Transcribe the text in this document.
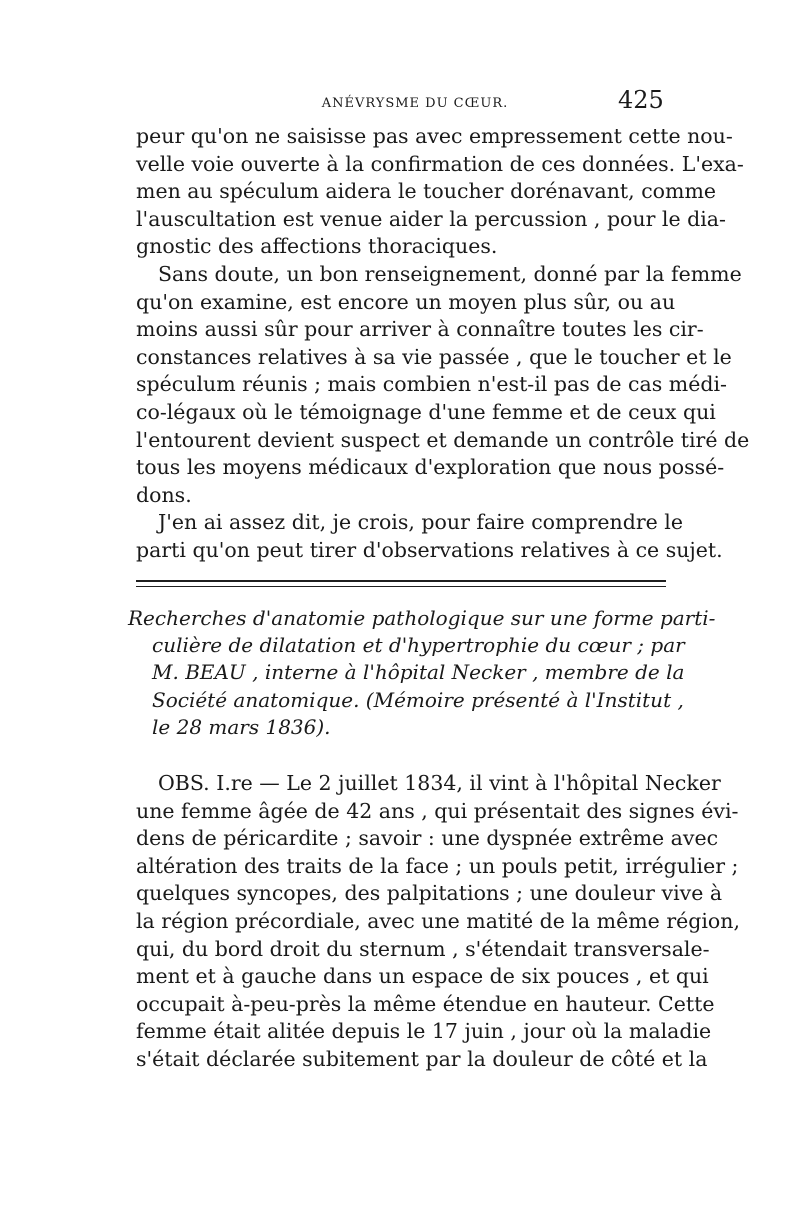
ANÉVRYSME DU CŒUR.	425
peur qu'on ne saisisse pas avec empressement cette nou-
velle voie ouverte à la confirmation de ces données. L'exa-
men au spéculum aidera le toucher dorénavant, comme
l'auscultation est venue aider la percussion , pour le dia-
gnostic des affections thoraciques.
Sans doute, un bon renseignement, donné par la femme
qu'on examine, est encore un moyen plus sûr, ou au
moins aussi sûr pour arriver à connaître toutes les cir-
constances relatives à sa vie passée , que le toucher et le
spéculum réunis ; mais combien n'est-il pas de cas médi-
co-légaux où le témoignage d'une femme et de ceux qui
l'entourent devient suspect et demande un contrôle tiré de
tous les moyens médicaux d'exploration que nous possé-
dons.
J'en ai assez dit, je crois, pour faire comprendre le
parti qu'on peut tirer d'observations relatives à ce sujet.
Recherches d'anatomie pathologique sur une forme parti-
culière de dilatation et d'hypertrophie du cœur ; par
M. BEAU , interne à l'hôpital Necker , membre de la
Société anatomique. (Mémoire présenté à l'Institut ,
le 28 mars 1836).
OBS. I.re — Le 2 juillet 1834, il vint à l'hôpital Necker
une femme âgée de 42 ans , qui présentait des signes évi-
dens de péricardite ; savoir : une dyspnée extrême avec
altération des traits de la face ; un pouls petit, irrégulier ;
quelques syncopes, des palpitations ; une douleur vive à
la région précordiale, avec une matité de la même région,
qui, du bord droit du sternum , s'étendait transversale-
ment et à gauche dans un espace de six pouces , et qui
occupait à-peu-près la même étendue en hauteur. Cette
femme était alitée depuis le 17 juin , jour où la maladie
s'était déclarée subitement par la douleur de côté et la
